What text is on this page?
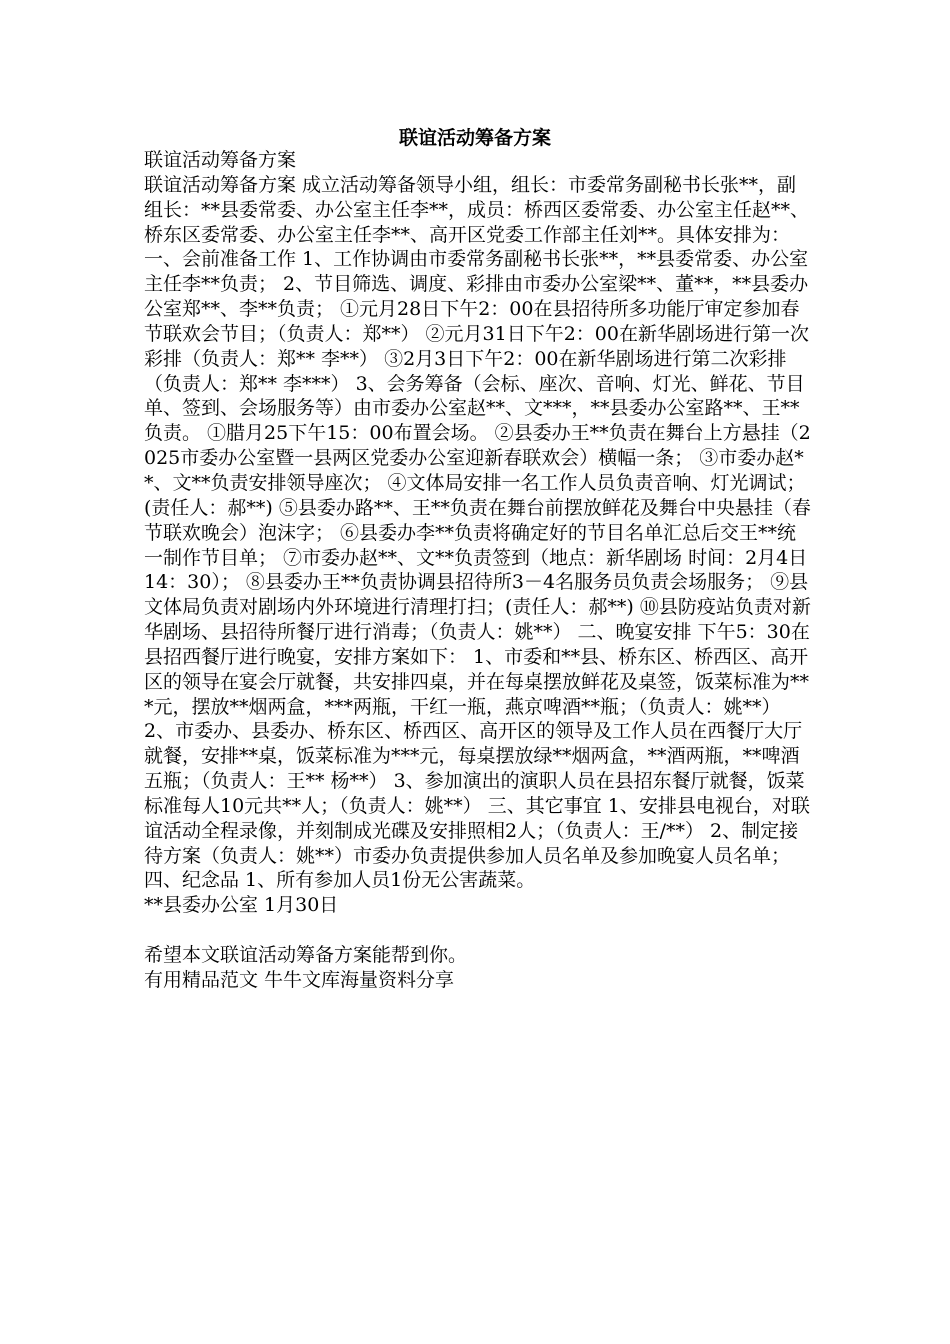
联谊活动筹备方案

联谊活动筹备方案

联谊活动筹备方案 成立活动筹备领导小组，组长：市委常务副秘书长张**，副组长：**县委常委、办公室主任李**，成员：桥西区委常委、办公室主任赵**、桥东区委常委、办公室主任李**、高开区党委工作部主任刘**。具体安排为： 一、会前准备工作 1、工作协调由市委常务副秘书长张**，**县委常委、办公室主任李**负责； 2、节目筛选、调度、彩排由市委办公室梁**、董**，**县委办公室郑**、李**负责； ①元月28日下午2：00在县招待所多功能厅审定参加春节联欢会节目；（负责人：郑**） ②元月31日下午2：00在新华剧场进行第一次彩排（负责人：郑** 李**） ③2月3日下午2：00在新华剧场进行第二次彩排（负责人：郑** 李***） 3、会务筹备（会标、座次、音响、灯光、鲜花、节目单、签到、会场服务等）由市委办公室赵**、文***，**县委办公室路**、王**负责。 ①腊月25下午15：00布置会场。 ②县委办王**负责在舞台上方悬挂（2025市委办公室暨一县两区党委办公室迎新春联欢会）横幅一条； ③市委办赵**、文**负责安排领导座次； ④文体局安排一名工作人员负责音响、灯光调试；(责任人：郝**) ⑤县委办路**、王**负责在舞台前摆放鲜花及舞台中央悬挂（春节联欢晚会）泡沫字； ⑥县委办李**负责将确定好的节目名单汇总后交王**统一制作节目单； ⑦市委办赵**、文**负责签到（地点：新华剧场 时间：2月4日14：30）； ⑧县委办王**负责协调县招待所3－4名服务员负责会场服务； ⑨县文体局负责对剧场内外环境进行清理打扫；(责任人：郝**) ⑩县防疫站负责对新华剧场、县招待所餐厅进行消毒；（负责人：姚**） 二、晚宴安排 下午5：30在县招西餐厅进行晚宴，安排方案如下： 1、市委和**县、桥东区、桥西区、高开区的领导在宴会厅就餐，共安排四桌，并在每桌摆放鲜花及桌签，饭菜标准为***元，摆放**烟两盒，***两瓶，干红一瓶，燕京啤酒**瓶；（负责人：姚**） 2、市委办、县委办、桥东区、桥西区、高开区的领导及工作人员在西餐厅大厅就餐，安排**桌，饭菜标准为***元，每桌摆放绿**烟两盒，**酒两瓶，**啤酒五瓶；（负责人：王** 杨**） 3、参加演出的演职人员在县招东餐厅就餐，饭菜标准每人10元共**人；（负责人：姚**） 三、其它事宜 1、安排县电视台，对联谊活动全程录像，并刻制成光碟及安排照相2人；（负责人：王/**） 2、制定接待方案（负责人：姚**）市委办负责提供参加人员名单及参加晚宴人员名单； 四、纪念品 1、所有参加人员1份无公害蔬菜。

**县委办公室 1月30日

希望本文联谊活动筹备方案能帮到你。

有用精品范文 牛牛文库海量资料分享
